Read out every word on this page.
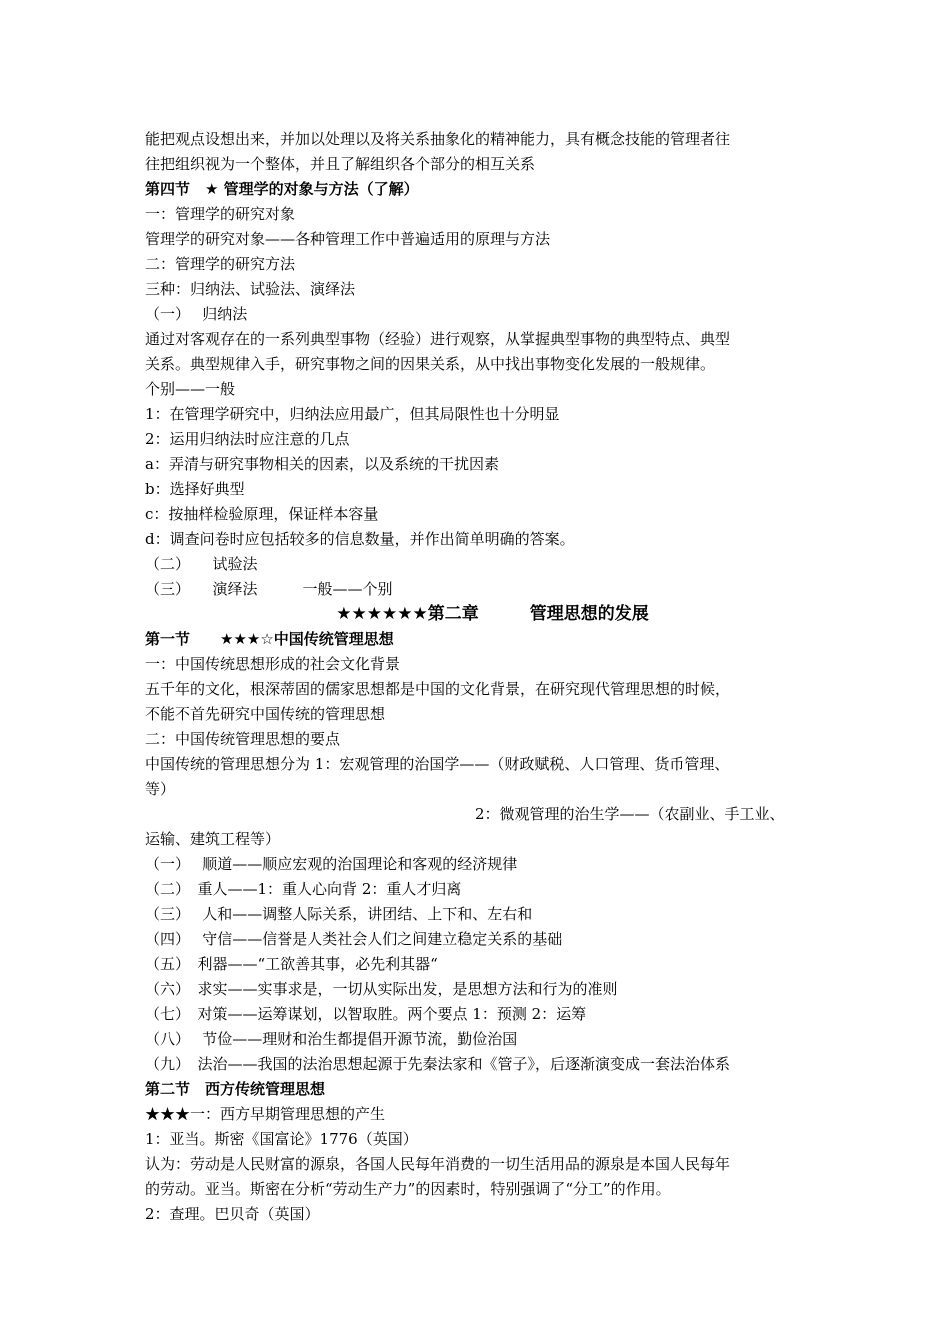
能把观点设想出来，并加以处理以及将关系抽象化的精神能力，具有概念技能的管理者往
往把组织视为一个整体，并且了解组织各个部分的相互关系
第四节　★ 管理学的对象与方法（了解）
一：管理学的研究对象
管理学的研究对象——各种管理工作中普遍适用的原理与方法
二：管理学的研究方法
三种：归纳法、试验法、演绎法
（一）　 归纳法
通过对客观存在的一系列典型事物（经验）进行观察，从掌握典型事物的典型特点、典型
关系。典型规律入手，研究事物之间的因果关系，从中找出事物变化发展的一般规律。
个别——一般
1：在管理学研究中，归纳法应用最广，但其局限性也十分明显
2：运用归纳法时应注意的几点
a：弄清与研究事物相关的因素，以及系统的干扰因素
b：选择好典型
c：按抽样检验原理，保证样本容量
d：调查问卷时应包括较多的信息数量，并作出简单明确的答案。
（二）　　试验法
（三）　　演绎法　　　一般——个别
★★★★★★第二章　　　管理思想的发展
第一节　　★★★☆中国传统管理思想
一：中国传统思想形成的社会文化背景
五千年的文化，根深蒂固的儒家思想都是中国的文化背景，在研究现代管理思想的时候，
不能不首先研究中国传统的管理思想
二：中国传统管理思想的要点
中国传统的管理思想分为 1：宏观管理的治国学——（财政赋税、人口管理、货币管理、
等）
2：微观管理的治生学——（农副业、手工业、
运输、建筑工程等）
（一）　 顺道——顺应宏观的治国理论和客观的经济规律
（二）　重人——1：重人心向背 2：重人才归离
（三）　 人和——调整人际关系，讲团结、上下和、左右和
（四）　 守信——信誉是人类社会人们之间建立稳定关系的基础
（五）　利器——“工欲善其事，必先利其器“
（六）　求实——实事求是，一切从实际出发，是思想方法和行为的准则
（七）　对策——运筹谋划，以智取胜。两个要点 1：预测 2：运筹
（八）　 节俭——理财和治生都提倡开源节流，勤俭治国
（九）　法治——我国的法治思想起源于先秦法家和《管子》，后逐渐演变成一套法治体系
第二节　西方传统管理思想
★★★一：西方早期管理思想的产生
1：亚当。斯密《国富论》1776（英国）
认为：劳动是人民财富的源泉，各国人民每年消费的一切生活用品的源泉是本国人民每年
的劳动。亚当。斯密在分析“劳动生产力”的因素时，特别强调了“分工”的作用。
2：查理。巴贝奇（英国）
